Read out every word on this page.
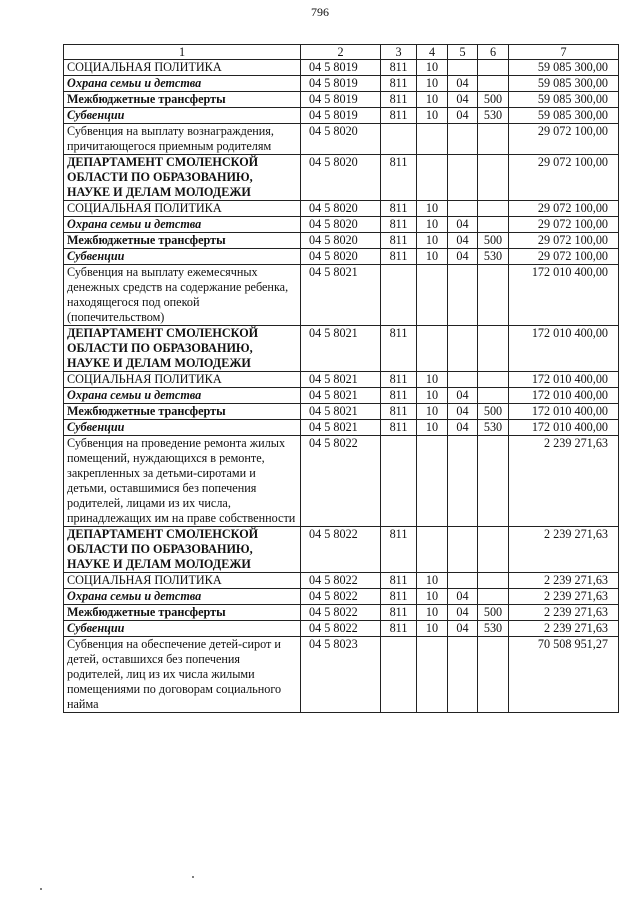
796
1	2	3	4	5	6	7
СОЦИАЛЬНАЯ ПОЛИТИКА	04 5 8019	811	10			59 085 300,00
Охрана семьи и детства	04 5 8019	811	10	04		59 085 300,00
Межбюджетные трансферты	04 5 8019	811	10	04	500	59 085 300,00
Субвенции	04 5 8019	811	10	04	530	59 085 300,00
Субвенция на выплату вознаграждения, причитающегося приемным родителям	04 5 8020					29 072 100,00
ДЕПАРТАМЕНТ СМОЛЕНСКОЙ ОБЛАСТИ ПО ОБРАЗОВАНИЮ, НАУКЕ И ДЕЛАМ МОЛОДЕЖИ	04 5 8020	811				29 072 100,00
СОЦИАЛЬНАЯ ПОЛИТИКА	04 5 8020	811	10			29 072 100,00
Охрана семьи и детства	04 5 8020	811	10	04		29 072 100,00
Межбюджетные трансферты	04 5 8020	811	10	04	500	29 072 100,00
Субвенции	04 5 8020	811	10	04	530	29 072 100,00
Субвенция на выплату ежемесячных денежных средств на содержание ребенка, находящегося под опекой (попечительством)	04 5 8021					172 010 400,00
ДЕПАРТАМЕНТ СМОЛЕНСКОЙ ОБЛАСТИ ПО ОБРАЗОВАНИЮ, НАУКЕ И ДЕЛАМ МОЛОДЕЖИ	04 5 8021	811				172 010 400,00
СОЦИАЛЬНАЯ ПОЛИТИКА	04 5 8021	811	10			172 010 400,00
Охрана семьи и детства	04 5 8021	811	10	04		172 010 400,00
Межбюджетные трансферты	04 5 8021	811	10	04	500	172 010 400,00
Субвенции	04 5 8021	811	10	04	530	172 010 400,00
Субвенция на проведение ремонта жилых помещений, нуждающихся в ремонте, закрепленных за детьми-сиротами и детьми, оставшимися без попечения родителей, лицами из их числа, принадлежащих им на праве собственности	04 5 8022					2 239 271,63
ДЕПАРТАМЕНТ СМОЛЕНСКОЙ ОБЛАСТИ ПО ОБРАЗОВАНИЮ, НАУКЕ И ДЕЛАМ МОЛОДЕЖИ	04 5 8022	811				2 239 271,63
СОЦИАЛЬНАЯ ПОЛИТИКА	04 5 8022	811	10			2 239 271,63
Охрана семьи и детства	04 5 8022	811	10	04		2 239 271,63
Межбюджетные трансферты	04 5 8022	811	10	04	500	2 239 271,63
Субвенции	04 5 8022	811	10	04	530	2 239 271,63
Субвенция на обеспечение детей-сирот и детей, оставшихся без попечения родителей, лиц из их числа жилыми помещениями по договорам социального найма	04 5 8023					70 508 951,27
